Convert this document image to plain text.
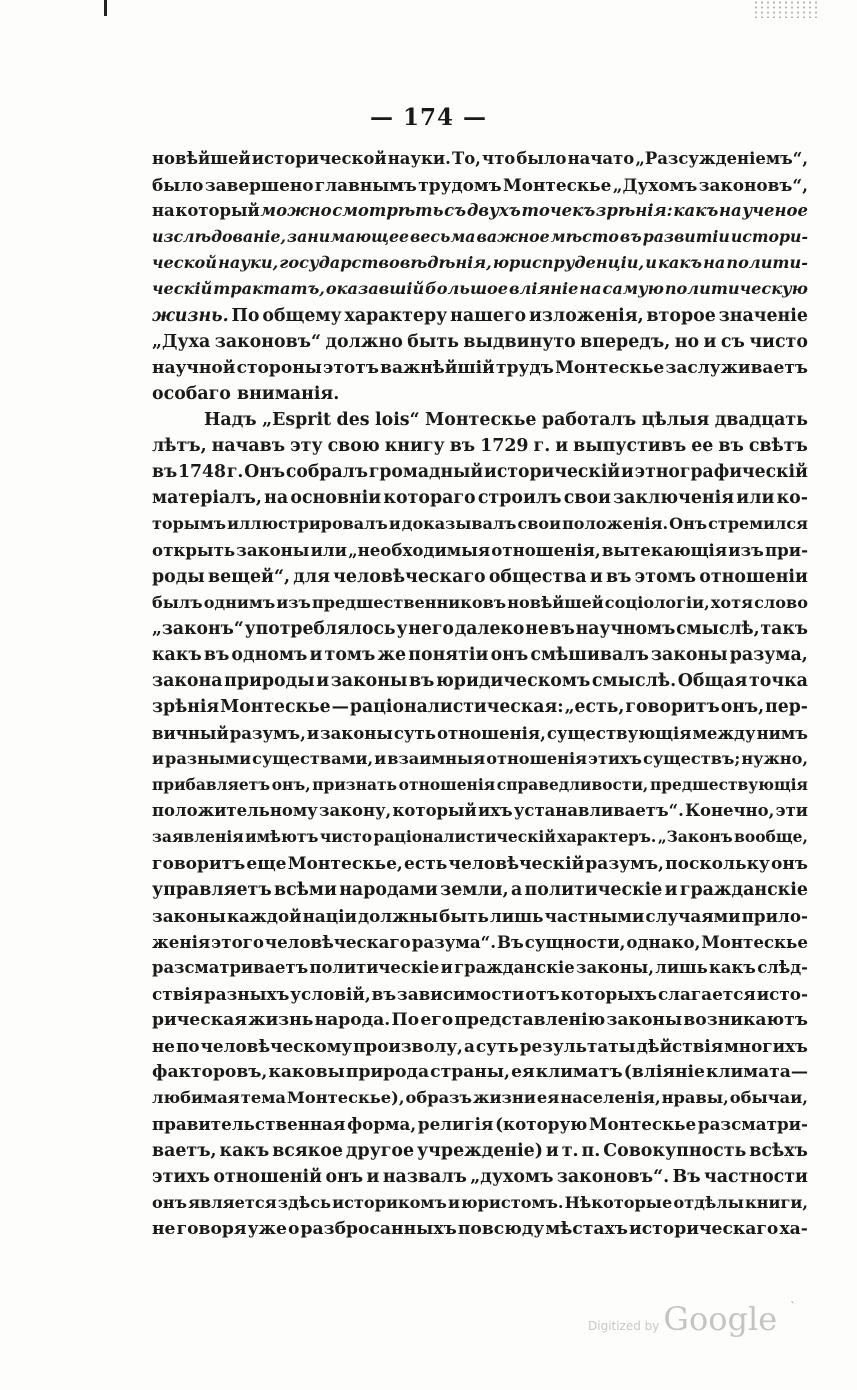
— 174 —
новѣйшей исторической науки. То, что было начато „Разсужденіемъ“,
было завершено главнымъ трудомъ Монтескье „Духомъ законовъ“,
на который можно смотрѣть съ двухъ точекъ зрѣнія: какъ на ученое
изслѣдованіе, занимающее весьма важное мѣсто въ развитіи истори-
ческой науки, государствовѣдѣнія, юриспруденціи, и какъ на полити-
ческій трактатъ, оказавшій большое вліяніе на самую политическую
жизнь. По общему характеру нашего изложенія, второе значеніе
„Духа законовъ“ должно быть выдвинуто впередъ, но и съ чисто
научной стороны этотъ важнѣйшій трудъ Монтескье заслуживаетъ
особаго вниманія.
Надъ „Esprit des lois“ Монтескье работалъ цѣлыя двадцать
лѣтъ, начавъ эту свою книгу въ 1729 г. и выпустивъ ее въ свѣтъ
въ 1748 г. Онъ собралъ громадный историческій и этнографическій
матеріалъ, на основніи котораго строилъ свои заключенія или ко-
торымъ иллюстрировалъ и доказывалъ свои положенія. Онъ стремился
открыть законы или „необходимыя отношенія, вытекающія изъ при-
роды вещей“, для человѣческаго общества и въ этомъ отношеніи
былъ однимъ изъ предшественниковъ новѣйшей соціологіи, хотя слово
„законъ“ употреблялось у него далеко не въ научномъ смыслѣ, такъ
какъ въ одномъ и томъ же понятіи онъ смѣшивалъ законы разума,
закона природы и законы въ юридическомъ смыслѣ. Общая точка
зрѣнія Монтескье — раціоналистическая: „есть, говоритъ онъ, пер-
вичный разумъ, и законы суть отношенія, существующія между нимъ
и разными существами, и взаимныя отношенія этихъ существъ; нужно,
прибавляетъ онъ, признать отношенія справедливости, предшествующія
положительному закону, который ихъ устанавливаетъ“. Конечно, эти
заявленія имѣютъ чисто раціоналистическій характеръ. „Законъ вообще,
говоритъ еще Монтескье, есть человѣческій разумъ, поскольку онъ
управляетъ всѣми народами земли, а политическіе и гражданскіе
законы каждой націи должны быть лишь частными случаями прило-
женія этого человѣческаго разума“. Въ сущности, однако, Монтескье
разсматриваетъ политическіе и гражданскіе законы, лишь какъ слѣд-
ствія разныхъ условій, въ зависимости отъ которыхъ слагается исто-
рическая жизнь народа. По его представленію законы возникаютъ
не по человѣческому произволу, а суть результаты дѣйствія многихъ
факторовъ, каковы природа страны, ея климатъ (вліяніе климата—
любимая тема Монтескье), образъ жизни ея населенія, нравы, обычаи,
правительственная форма, религія (которую Монтескье разсматри-
ваетъ, какъ всякое другое учрежденіе) и т. п. Совокупность всѣхъ
этихъ отношеній онъ и назвалъ „духомъ законовъ“. Въ частности
онъ является здѣсь историкомъ и юристомъ. Нѣкоторые отдѣлы книги,
не говоря уже о разбросанныхъ повсюду мѣстахъ историческаго ха-
Digitized by Google `
